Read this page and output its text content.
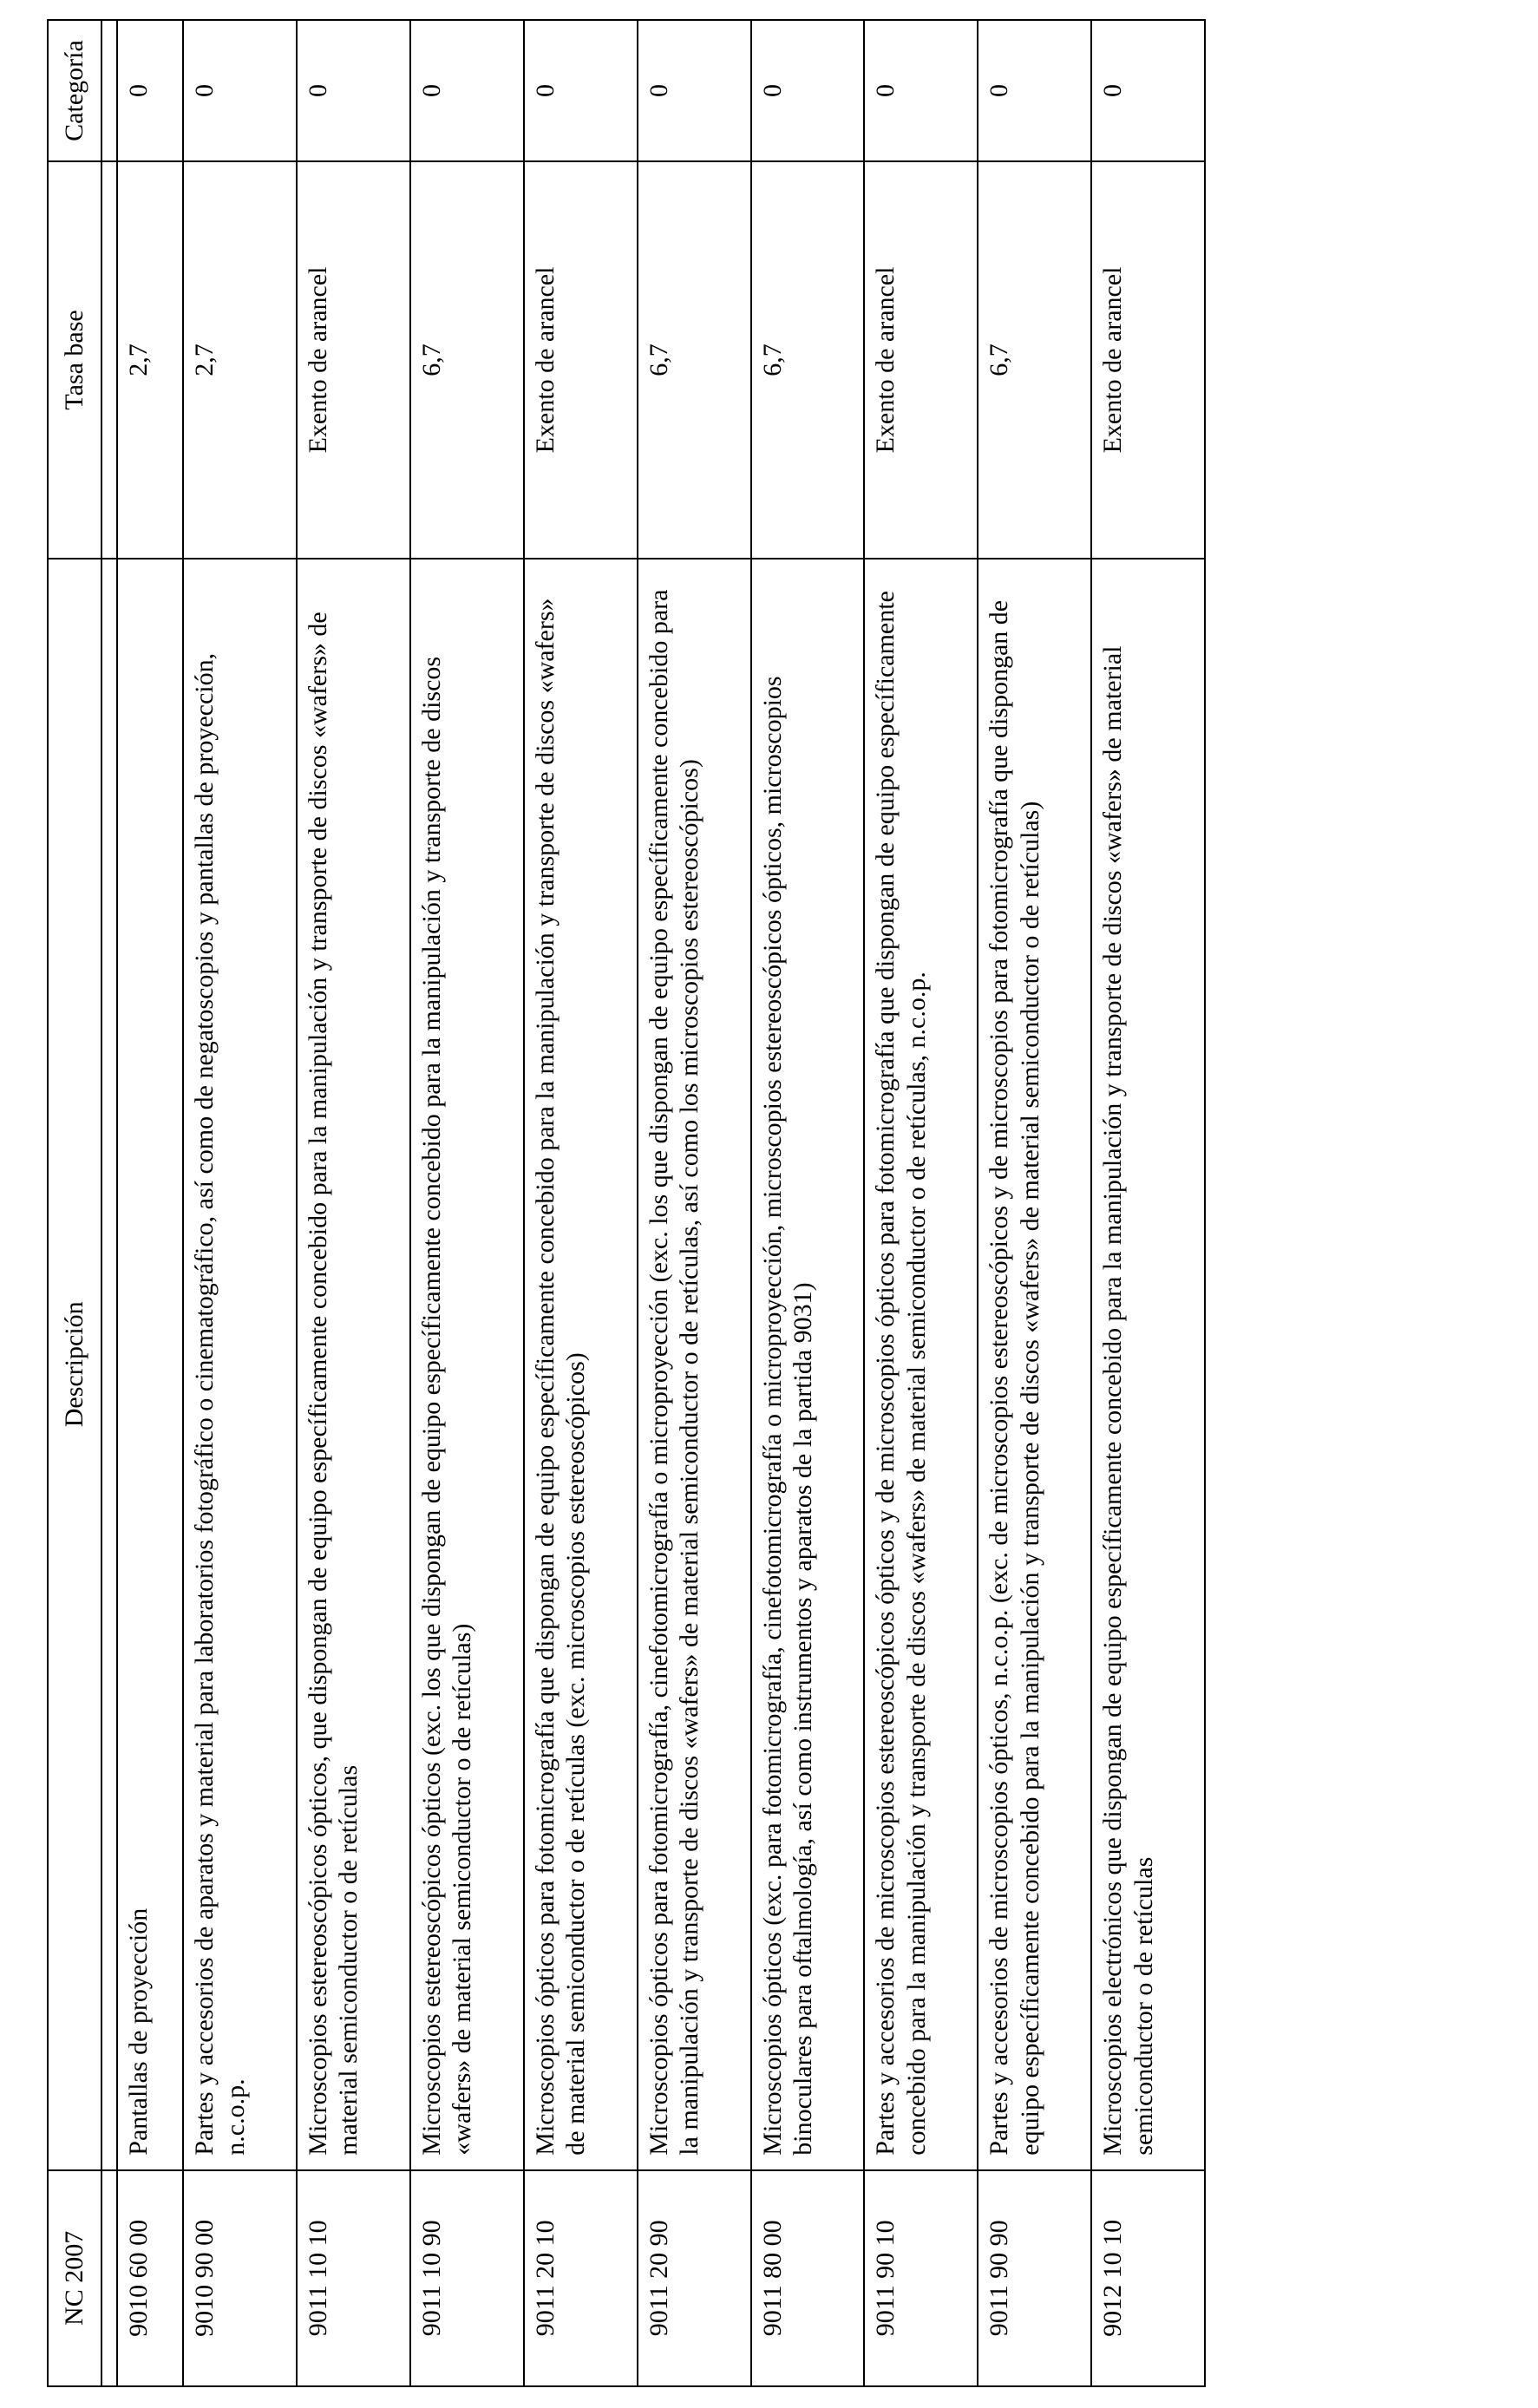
NC 2007		Descripción	Tasa base	Categoría

9010 60 00		Pantallas de proyección	2,7	0
9010 90 00		Partes y accesorios de aparatos y material para laboratorios fotográfico o cinematográfico, así como de negatoscopios y pantallas de proyección, n.c.o.p.	2,7	0
9011 10 10		Microscopios estereoscópicos ópticos, que dispongan de equipo específicamente concebido para la manipulación y transporte de discos «wafers» de material semiconductor o de retículas	Exento de arancel	0
9011 10 90		Microscopios estereoscópicos ópticos (exc. los que dispongan de equipo específicamente concebido para la manipulación y transporte de discos «wafers» de material semiconductor o de retículas)	6,7	0
9011 20 10		Microscopios ópticos para fotomicrografía que dispongan de equipo específicamente concebido para la manipulación y transporte de discos «wafers» de material semiconductor o de retículas (exc. microscopios estereoscópicos)	Exento de arancel	0
9011 20 90		Microscopios ópticos para fotomicrografía, cinefotomicrografía o microproyección (exc. los que dispongan de equipo específicamente concebido para la manipulación y transporte de discos «wafers» de material semiconductor o de retículas, así como los microscopios estereoscópicos)	6,7	0
9011 80 00		Microscopios ópticos (exc. para fotomicrografía, cinefotomicrografía o microproyección, microscopios estereoscópicos ópticos, microscopios binoculares para oftalmología, así como instrumentos y aparatos de la partida 9031)	6,7	0
9011 90 10		Partes y accesorios de microscopios estereoscópicos ópticos y de microscopios ópticos para fotomicrografía que dispongan de equipo específicamente concebido para la manipulación y transporte de discos «wafers» de material semiconductor o de retículas, n.c.o.p.	Exento de arancel	0
9011 90 90		Partes y accesorios de microscopios ópticos, n.c.o.p. (exc. de microscopios estereoscópicos y de microscopios para fotomicrografía que dispongan de equipo específicamente concebido para la manipulación y transporte de discos «wafers» de material semiconductor o de retículas)	6,7	0
9012 10 10		Microscopios electrónicos que dispongan de equipo específicamente concebido para la manipulación y transporte de discos «wafers» de material semiconductor o de retículas	Exento de arancel	0
